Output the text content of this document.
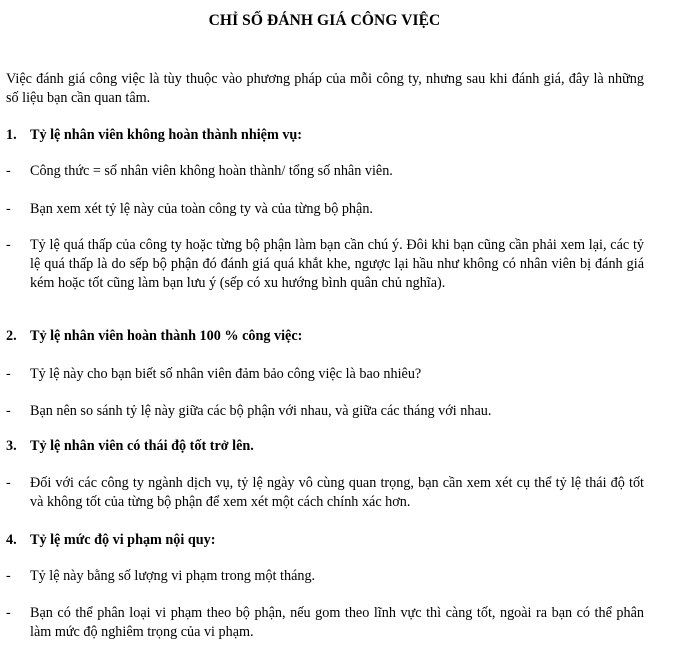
CHỈ SỐ ĐÁNH GIÁ CÔNG VIỆC
Việc đánh giá công việc là tùy thuộc vào phương pháp của mỗi công ty, nhưng sau khi đánh giá, đây là những số liệu bạn cần quan tâm.
1. Tỷ lệ nhân viên không hoàn thành nhiệm vụ:
- Công thức = số nhân viên không hoàn thành/ tổng số nhân viên.
- Bạn xem xét tỷ lệ này của toàn công ty và của từng bộ phận.
- Tỷ lệ quá thấp của công ty hoặc từng bộ phận làm bạn cần chú ý. Đôi khi bạn cũng cần phải xem lại, các tỷ lệ quá thấp là do sếp bộ phận đó đánh giá quá khắt khe, ngược lại hầu như không có nhân viên bị đánh giá kém hoặc tốt cũng làm bạn lưu ý (sếp có xu hướng bình quân chủ nghĩa).
2. Tỷ lệ nhân viên hoàn thành 100 % công việc:
- Tỷ lệ này cho bạn biết số nhân viên đảm bảo công việc là bao nhiêu?
- Bạn nên so sánh tỷ lệ này giữa các bộ phận với nhau, và giữa các tháng với nhau.
3. Tỷ lệ nhân viên có thái độ tốt trở lên.
- Đối với các công ty ngành dịch vụ, tỷ lệ ngày vô cùng quan trọng, bạn cần xem xét cụ thể tỷ lệ thái độ tốt và không tốt của từng bộ phận để xem xét một cách chính xác hơn.
4. Tỷ lệ mức độ vi phạm nội quy:
- Tỷ lệ này bằng số lượng vi phạm trong một tháng.
- Bạn có thể phân loại vi phạm theo bộ phận, nếu gom theo lĩnh vực thì càng tốt, ngoài ra bạn có thể phân làm mức độ nghiêm trọng của vi phạm.
